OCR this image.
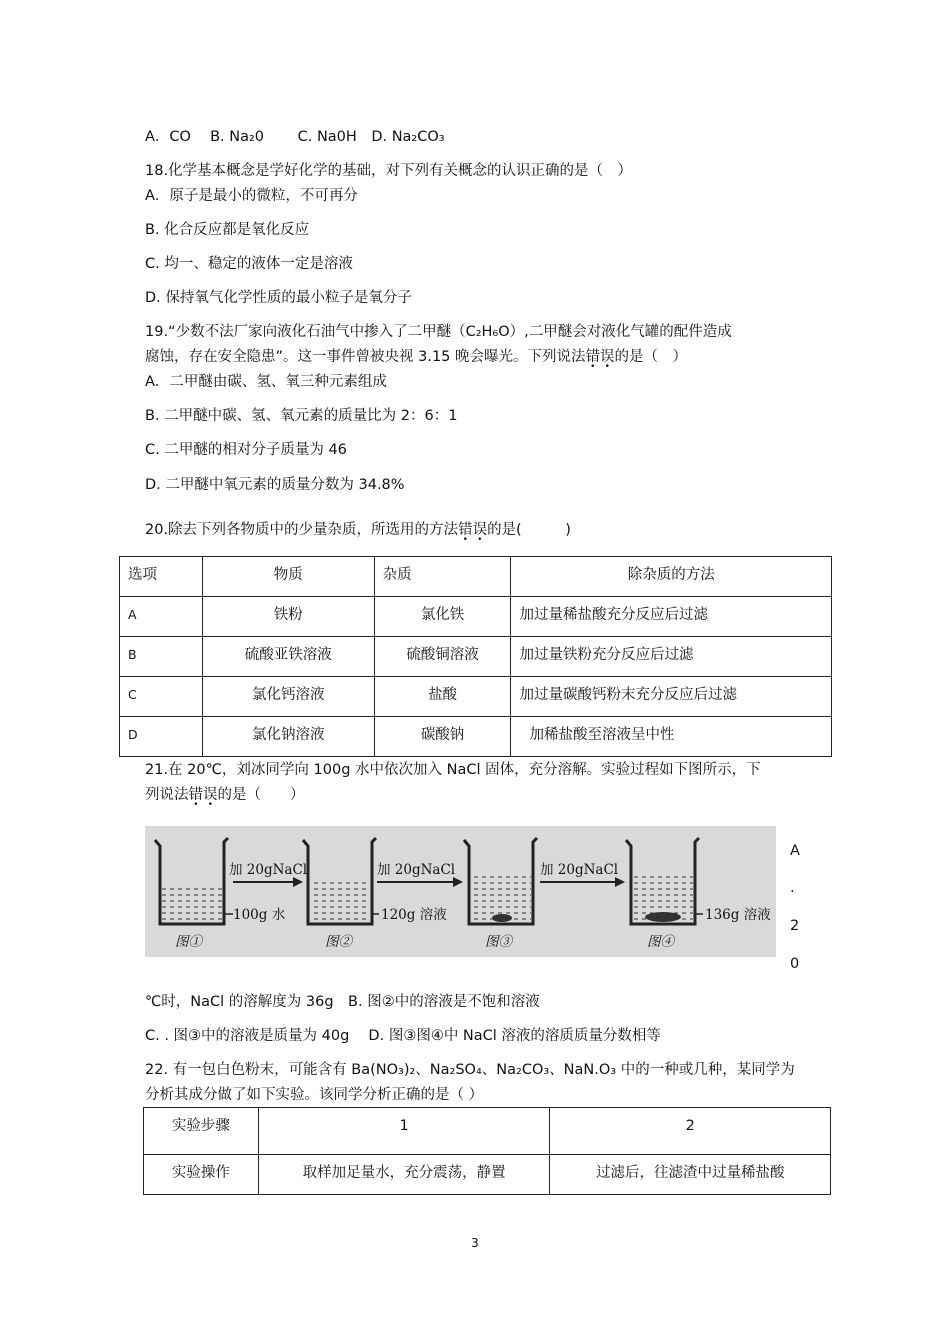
A．CO　 B. Na₂0　　 C. Na0H　D. Na₂CO₃
18.化学基本概念是学好化学的基础，对下列有关概念的认识正确的是（　）
A．原子是最小的微粒，不可再分
B. 化合反应都是氧化反应
C. 均一、稳定的液体一定是溶液
D. 保持氧气化学性质的最小粒子是氧分子
19.“少数不法厂家向液化石油气中掺入了二甲醚（C₂H₆O）,二甲醚会对液化气罐的配件造成
腐蚀，存在安全隐患”。这一事件曾被央视 3.15 晚会曝光。下列说法错误的是（　）
A．二甲醚由碳、氢、氧三种元素组成
B. 二甲醚中碳、氢、氧元素的质量比为 2：6：1
C. 二甲醚的相对分子质量为 46
D. 二甲醚中氧元素的质量分数为 34.8%
20.除去下列各物质中的少量杂质，所选用的方法错误的是(　　　)
选项	物质	杂质	除杂质的方法
A	铁粉	氯化铁	加过量稀盐酸充分反应后过滤
B	硫酸亚铁溶液	硫酸铜溶液	加过量铁粉充分反应后过滤
C	氯化钙溶液	盐酸	加过量碳酸钙粉末充分反应后过滤
D	氯化钠溶液	碳酸钠	加稀盐酸至溶液呈中性
21.在 20℃，刘冰同学向 100g 水中依次加入 NaCl 固体，充分溶解。实验过程如下图所示，下
列说法错误的是（　　）
加 20gNaCl	加 20gNaCl	加 20gNaCl
100g 水	120g 溶液	136g 溶液
图①	图②	图③	图④
A
.
2
0
℃时，NaCl 的溶解度为 36g　B. 图②中的溶液是不饱和溶液
C. . 图③中的溶液是质量为 40g　 D. 图③图④中 NaCl 溶液的溶质质量分数相等
22. 有一包白色粉末，可能含有 Ba(NO₃)₂、Na₂SO₄、Na₂CO₃、NaN.O₃ 中的一种或几种，某同学为
分析其成分做了如下实验。该同学分析正确的是（ ）
实验步骤	1	2
实验操作	取样加足量水，充分震荡，静置	过滤后，往滤渣中过量稀盐酸
3
